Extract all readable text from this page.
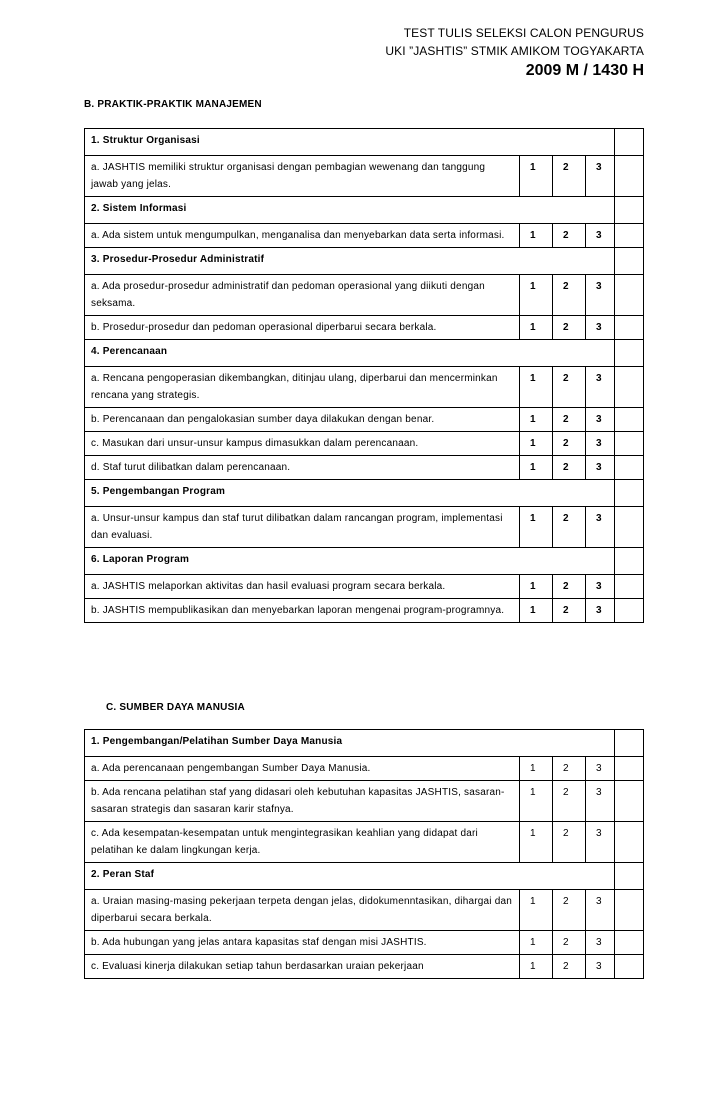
TEST TULIS SELEKSI CALON PENGURUS
UKI ”JASHTIS” STMIK AMIKOM TOGYAKARTA
2009 M / 1430 H
B. PRAKTIK-PRAKTIK MANAJEMEN
1. Struktur Organisasi				
a. JASHTIS memiliki struktur organisasi dengan pembagian wewenang dan tanggung jawab yang jelas.	1	2	3	
2. Sistem Informasi				
a. Ada sistem untuk mengumpulkan, menganalisa dan menyebarkan data serta informasi.	1	2	3	
3. Prosedur-Prosedur Administratif				
a. Ada prosedur-prosedur administratif dan pedoman operasional yang diikuti dengan seksama.	1	2	3	
b. Prosedur-prosedur dan pedoman operasional diperbarui secara berkala.	1	2	3	
4. Perencanaan				
a. Rencana pengoperasian dikembangkan, ditinjau ulang, diperbarui dan mencerminkan rencana yang strategis.	1	2	3	
b. Perencanaan dan pengalokasian sumber daya dilakukan dengan benar.	1	2	3	
c. Masukan dari unsur-unsur kampus dimasukkan dalam perencanaan.	1	2	3	
d. Staf turut dilibatkan dalam perencanaan.	1	2	3	
5. Pengembangan Program				
a. Unsur-unsur kampus dan staf turut dilibatkan dalam rancangan program, implementasi dan evaluasi.	1	2	3	
6. Laporan Program				
a. JASHTIS melaporkan aktivitas dan hasil evaluasi program secara berkala.	1	2	3	
b. JASHTIS mempublikasikan dan menyebarkan laporan mengenai program-programnya.	1	2	3	
C. SUMBER DAYA MANUSIA
1. Pengembangan/Pelatihan Sumber Daya Manusia				
a. Ada perencanaan pengembangan Sumber Daya Manusia.	1	2	3	
b. Ada rencana pelatihan staf yang didasari oleh kebutuhan kapasitas JASHTIS, sasaran-sasaran strategis dan sasaran karir stafnya.	1	2	3	
c. Ada kesempatan-kesempatan untuk mengintegrasikan keahlian yang didapat dari pelatihan ke dalam lingkungan kerja.	1	2	3	
2. Peran Staf				
a. Uraian masing-masing pekerjaan terpeta dengan jelas, didokumenntasikan, dihargai dan diperbarui secara berkala.	1	2	3	
b. Ada hubungan yang jelas antara kapasitas staf dengan misi JASHTIS.	1	2	3	
c. Evaluasi kinerja dilakukan setiap tahun berdasarkan uraian pekerjaan	1	2	3	
